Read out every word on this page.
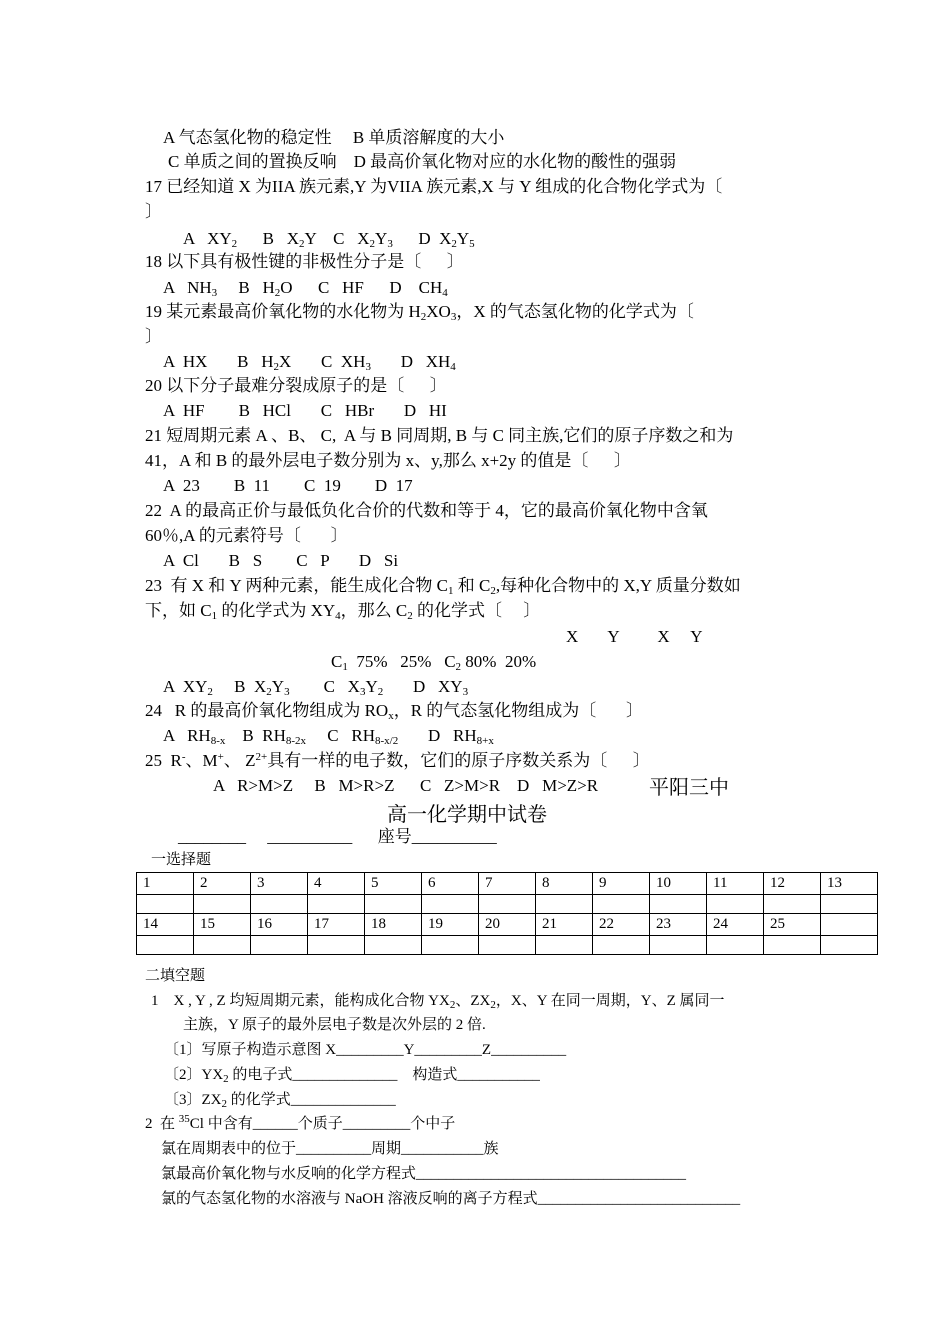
A 气态氢化物的稳定性 B 单质溶解度的大小
C 单质之间的置换反响 D 最高价氧化物对应的水化物的酸性的强弱
17 已经知道 X 为IIA 族元素,Y 为VIIA 族元素,X 与 Y 组成的化合物化学式为〔
〕
A   $XY_2$      B   $X_2Y$    C   $X_2Y_3$      D  $X_2Y_5$
18 以下具有极性键的非极性分子是〔      〕
A   $NH_3$     B   $H_2O$      C   HF      D    $CH_4$
19 某元素最高价氧化物的水化物为 $H_2XO_3$，X 的气态氢化物的化学式为〔
〕
A  HX       B   $H_2X$       C  $XH_3$       D   $XH_4$
20 以下分子最难分裂成原子的是〔      〕
A  HF        B   HCl       C   HBr       D   HI
21 短周期元素 A 、B、 C,  A 与 B 同周期, B 与 C 同主族,它们的原子序数之和为
41，A 和 B 的最外层电子数分别为 x、y,那么 x+2y 的值是〔      〕
A  23        B  11        C  19        D  17
22  A 的最高正价与最低负化合价的代数和等于 4，它的最高价氧化物中含氧
60％,A 的元素符号〔       〕
A  Cl       B   S        C   P       D   Si
23  有 X 和 Y 两种元素，能生成化合物 $C_1$ 和 $C_2$,每种化合物中的 X,Y 质量分数如
下，如 $C_1$ 的化学式为 $XY_4$，那么 $C_2$ 的化学式〔     〕
X Y X Y
$C_1$ 75% 25%   $C_2$ 80% 20%
A  $XY_2$     B  $X_2Y_3$        C   $X_3Y_2$       D   $XY_3$
24   R 的最高价氧化物组成为 $RO_x$，R 的气态氢化物组成为〔       〕
A   $RH_{8-x}$    B  $RH_{8-2x}$     C   $RH_{8-x/2}$       D   $RH_{8+x}$
25  R-、M+、 $Z^{2+}$具有一样的电子数，它们的原子序数关系为〔      〕
A   R>M>Z     B   M>R>Z      C   Z>M>R    D   M>Z>R	平阳三中
高一化学期中试卷
________ __________ 座号__________
一选择题
1	2	3	4	5	6	7	8	9	10	11	12	13

14	15	16	17	18	19	20	21	22	23	24	25	

二填空题
1    X , Y , Z 均短周期元素，能构成化合物 $YX_2$、$ZX_2$，X、Y 在同一周期，Y、Z 属同一
主族，Y 原子的最外层电子数是次外层的 2 倍.
〔1〕写原子构造示意图 X_________Y_________Z__________
〔2〕$YX_2$ 的电子式______________    构造式___________
〔3〕$ZX_2$ 的化学式______________
2  在 $^{35}$Cl 中含有______个质子_________个中子
氯在周期表中的位于__________周期___________族
氯最高价氧化物与水反响的化学方程式____________________________________
氯的气态氢化物的水溶液与 NaOH 溶液反响的离子方程式___________________________
